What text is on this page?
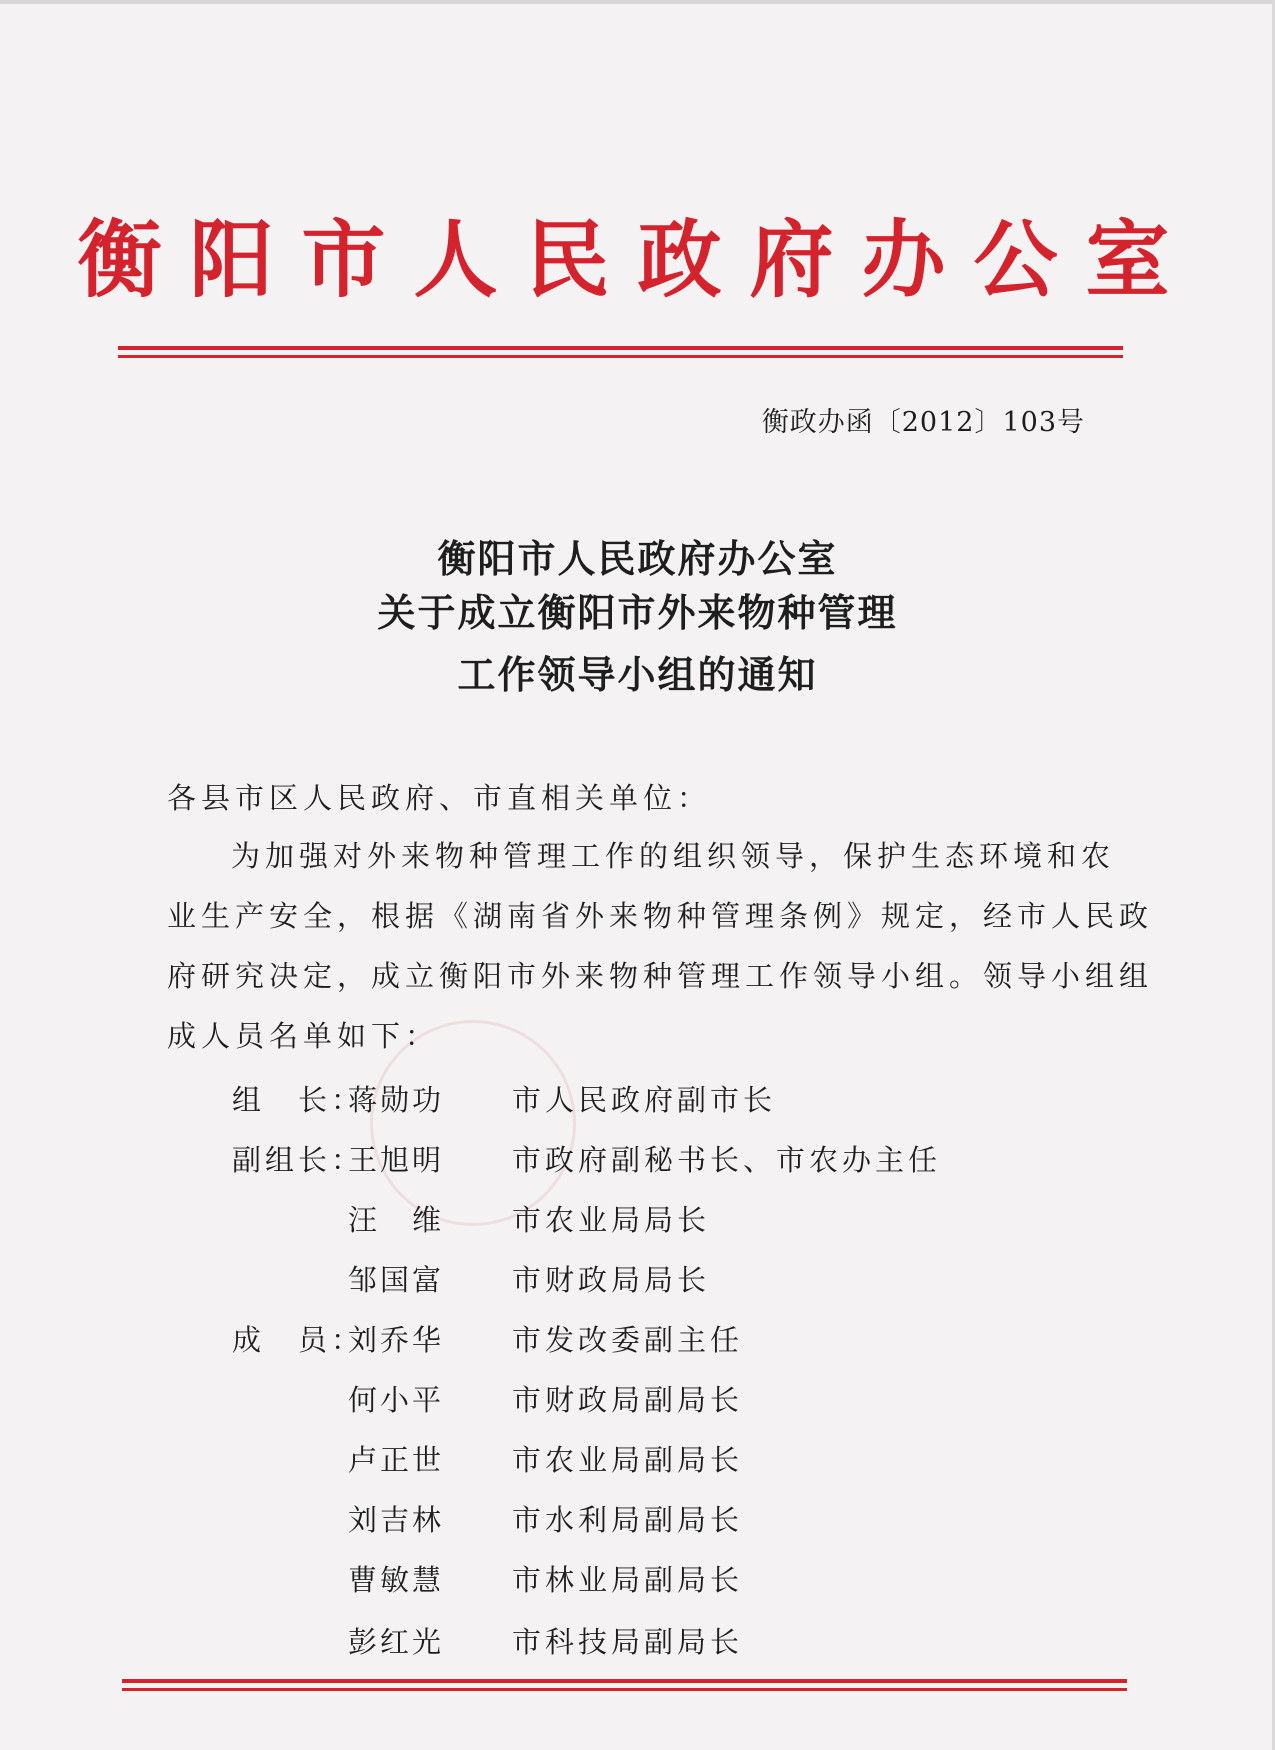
衡阳市人民政府办公室
衡政办函〔2012〕103号
衡阳市人民政府办公室
关于成立衡阳市外来物种管理
工作领导小组的通知
各县市区人民政府、市直相关单位：
为加强对外来物种管理工作的组织领导，保护生态环境和农
业生产安全，根据《湖南省外来物种管理条例》规定，经市人民政
府研究决定，成立衡阳市外来物种管理工作领导小组。领导小组组
成人员名单如下：
组　长：
蒋勋功 市人民政府副市长
副组长：
王旭明 市政府副秘书长、市农办主任
汪　维 市农业局局长
邹国富 市财政局局长
成　员：
刘乔华 市发改委副主任
何小平 市财政局副局长
卢正世 市农业局副局长
刘吉林 市水利局副局长
曹敏慧 市林业局副局长
彭红光 市科技局副局长
